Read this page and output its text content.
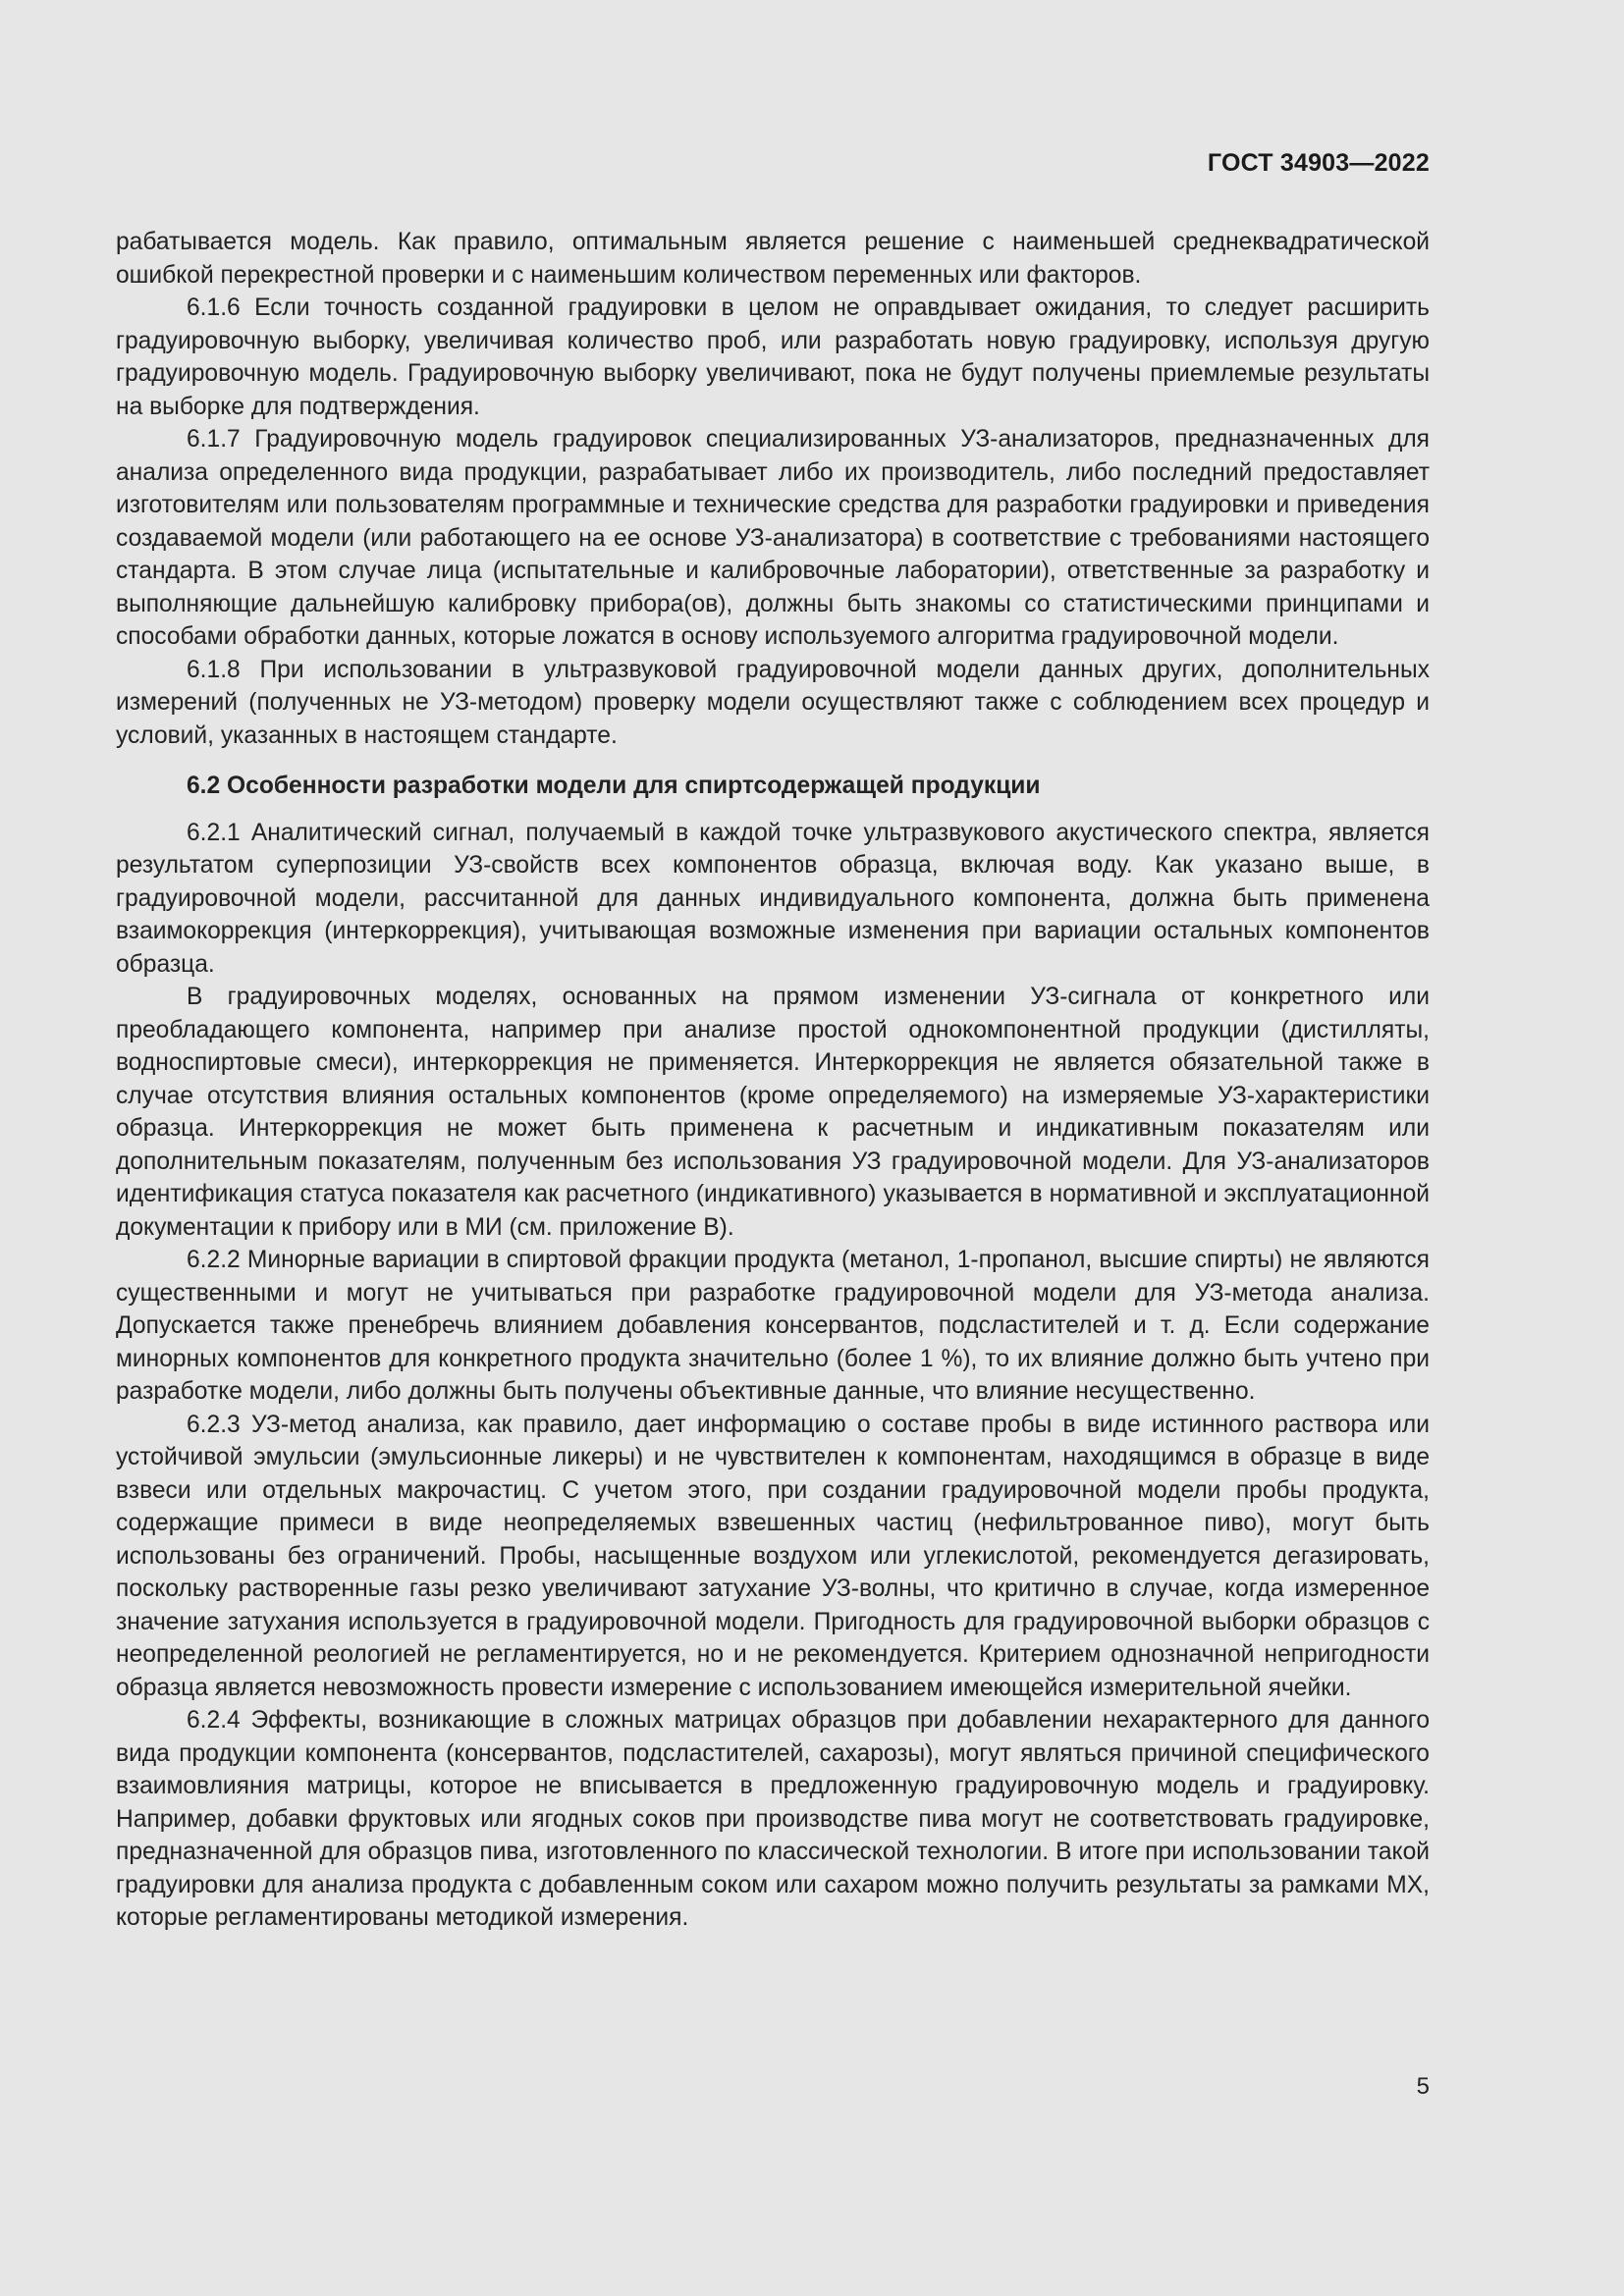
ГОСТ 34903—2022

рабатывается модель. Как правило, оптимальным является решение с наименьшей среднеквадратической ошибкой перекрестной проверки и с наименьшим количеством переменных или факторов.

6.1.6 Если точность созданной градуировки в целом не оправдывает ожидания, то следует расширить градуировочную выборку, увеличивая количество проб, или разработать новую градуировку, используя другую градуировочную модель. Градуировочную выборку увеличивают, пока не будут получены приемлемые результаты на выборке для подтверждения.

6.1.7 Градуировочную модель градуировок специализированных УЗ-анализаторов, предназначенных для анализа определенного вида продукции, разрабатывает либо их производитель, либо последний предоставляет изготовителям или пользователям программные и технические средства для разработки градуировки и приведения создаваемой модели (или работающего на ее основе УЗ-анализатора) в соответствие с требованиями настоящего стандарта. В этом случае лица (испытательные и калибровочные лаборатории), ответственные за разработку и выполняющие дальнейшую калибровку прибора(ов), должны быть знакомы со статистическими принципами и способами обработки данных, которые ложатся в основу используемого алгоритма градуировочной модели.

6.1.8 При использовании в ультразвуковой градуировочной модели данных других, дополнительных измерений (полученных не УЗ-методом) проверку модели осуществляют также с соблюдением всех процедур и условий, указанных в настоящем стандарте.

6.2 Особенности разработки модели для спиртсодержащей продукции

6.2.1 Аналитический сигнал, получаемый в каждой точке ультразвукового акустического спектра, является результатом суперпозиции УЗ-свойств всех компонентов образца, включая воду. Как указано выше, в градуировочной модели, рассчитанной для данных индивидуального компонента, должна быть применена взаимокоррекция (интеркоррекция), учитывающая возможные изменения при вариации остальных компонентов образца.

В градуировочных моделях, основанных на прямом изменении УЗ-сигнала от конкретного или преобладающего компонента, например при анализе простой однокомпонентной продукции (дистилляты, водноспиртовые смеси), интеркоррекция не применяется. Интеркоррекция не является обязательной также в случае отсутствия влияния остальных компонентов (кроме определяемого) на измеряемые УЗ-характеристики образца. Интеркоррекция не может быть применена к расчетным и индикативным показателям или дополнительным показателям, полученным без использования УЗ градуировочной модели. Для УЗ-анализаторов идентификация статуса показателя как расчетного (индикативного) указывается в нормативной и эксплуатационной документации к прибору или в МИ (см. приложение В).

6.2.2 Минорные вариации в спиртовой фракции продукта (метанол, 1-пропанол, высшие спирты) не являются существенными и могут не учитываться при разработке градуировочной модели для УЗ-метода анализа. Допускается также пренебречь влиянием добавления консервантов, подсластителей и т. д. Если содержание минорных компонентов для конкретного продукта значительно (более 1 %), то их влияние должно быть учтено при разработке модели, либо должны быть получены объективные данные, что влияние несущественно.

6.2.3 УЗ-метод анализа, как правило, дает информацию о составе пробы в виде истинного раствора или устойчивой эмульсии (эмульсионные ликеры) и не чувствителен к компонентам, находящимся в образце в виде взвеси или отдельных макрочастиц. С учетом этого, при создании градуировочной модели пробы продукта, содержащие примеси в виде неопределяемых взвешенных частиц (нефильтрованное пиво), могут быть использованы без ограничений. Пробы, насыщенные воздухом или углекислотой, рекомендуется дегазировать, поскольку растворенные газы резко увеличивают затухание УЗ-волны, что критично в случае, когда измеренное значение затухания используется в градуировочной модели. Пригодность для градуировочной выборки образцов с неопределенной реологией не регламентируется, но и не рекомендуется. Критерием однозначной непригодности образца является невозможность провести измерение с использованием имеющейся измерительной ячейки.

6.2.4 Эффекты, возникающие в сложных матрицах образцов при добавлении нехарактерного для данного вида продукции компонента (консервантов, подсластителей, сахарозы), могут являться причиной специфического взаимовлияния матрицы, которое не вписывается в предложенную градуировочную модель и градуировку. Например, добавки фруктовых или ягодных соков при производстве пива могут не соответствовать градуировке, предназначенной для образцов пива, изготовленного по классической технологии. В итоге при использовании такой градуировки для анализа продукта с добавленным соком или сахаром можно получить результаты за рамками МХ, которые регламентированы методикой измерения.

5
